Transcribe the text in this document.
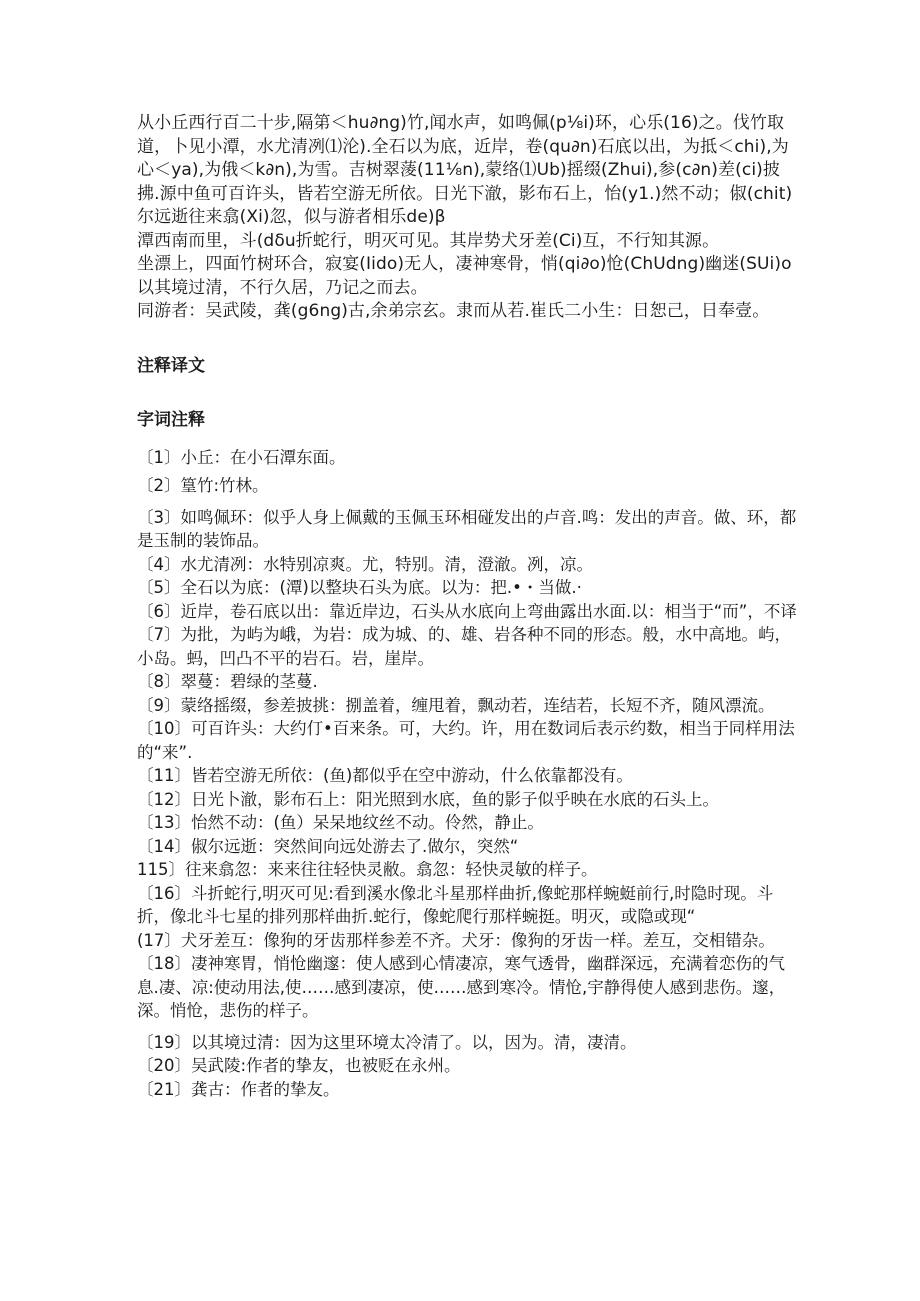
从小丘西行百二十步,隔第＜hu∂ng)竹,闻水声，如鸣佩(p⅛i)环，心乐(16)之。伐竹取道，卜见小潭，水尤清冽⑴沦).全石以为底，近岸，卷(qu∂n)石底以出，为抵＜chi),为心＜ya),为俄＜k∂n),为雪。吉树翠蔆(11⅛n),蒙络⑴Ub)摇缀(Zhui),参(c∂n)差(ci)披拂.源中鱼可百许头，皆若空游无所依。日光下澈，影布石上，怡(y1.)然不动；俶(chit)尔远逝往来翕(Xi)忽，似与游者相乐de)β

潭西南而里，斗(dδu折蛇行，明灭可见。其岸势犬牙差(Ci)互，不行知其源。

坐漂上，四面竹树环合，寂宴(Iido)无人，凄神寒骨，悄(qi∂o)怆(ChUdng)幽迷(SUi)o以其境过清，不行久居，乃记之而去。

同游者：吴武陵，龚(g6ng)古,余弟宗玄。隶而从若.崔氏二小生：日恕己，日奉壹。

注释译文
字词注释

〔1〕小丘：在小石潭东面。

〔2〕篁竹:竹林。

〔3〕如鸣佩环：似乎人身上佩戴的玉佩玉环相碰发出的卢音.鸣：发出的声音。做、环，都是玉制的装饰品。

〔4〕水尤清冽：水特别凉爽。尤，特别。清，澄澈。冽，凉。

〔5〕全石以为底：(潭)以整块石头为底。以为：把.•・当做.·

〔6〕近岸，卷石底以出：靠近岸边，石头从水底向上弯曲露出水面.以：相当于“而”，不译

〔7〕为批，为屿为峨，为岩：成为城、的、雄、岩各种不同的形态。般，水中高地。屿，小岛。蚂，凹凸不平的岩石。岩，崖岸。

〔8〕翠蔓：碧绿的茎蔓.

〔9〕蒙络摇缀，参差披挑：捌盖着，缠甩着，飘动若，连结若，长短不齐，随风漂流。

〔10〕可百许头：大约仃•百来条。可，大约。许，用在数词后表示约数，相当于同样用法的“来”.

〔11〕皆若空游无所依：(鱼)都似乎在空中游动，什么依靠都没有。

〔12〕日光卜澈，影布石上：阳光照到水底，鱼的影子似乎映在水底的石头上。

〔13〕怡然不动：(鱼）呆呆地纹丝不动。伶然，静止。

〔14〕俶尔远逝：突然间向远处游去了.做尔，突然“

115〕往来翕忽：来来往往轻快灵敝。翕忽：轻快灵敏的样子。

〔16〕斗折蛇行,明灭可见:看到溪水像北斗星那样曲折,像蛇那样蜿蜓前行,时隐时现。斗折，像北斗七星的排列那样曲折.蛇行，像蛇爬行那样蜿挺。明灭，或隐或现“

(17〕犬牙差互：像狗的牙齿那样参差不齐。犬牙：像狗的牙齿一样。差互，交相错杂。

〔18〕凄神寒胃，悄怆幽邃：使人感到心情凄凉，寒气透骨，幽群深远，充满着恋伤的气息.凄、凉:使动用法,使……感到凄凉，使……感到寒冷。情怆,宇静得使人感到悲伤。邃，深。悄怆，悲伤的样子。

〔19〕以其境过清：因为这里环境太冷清了。以，因为。清，凄清。

〔20〕吴武陵:作者的挚友，也被贬在永州。

〔21〕龚古：作者的挚友。
